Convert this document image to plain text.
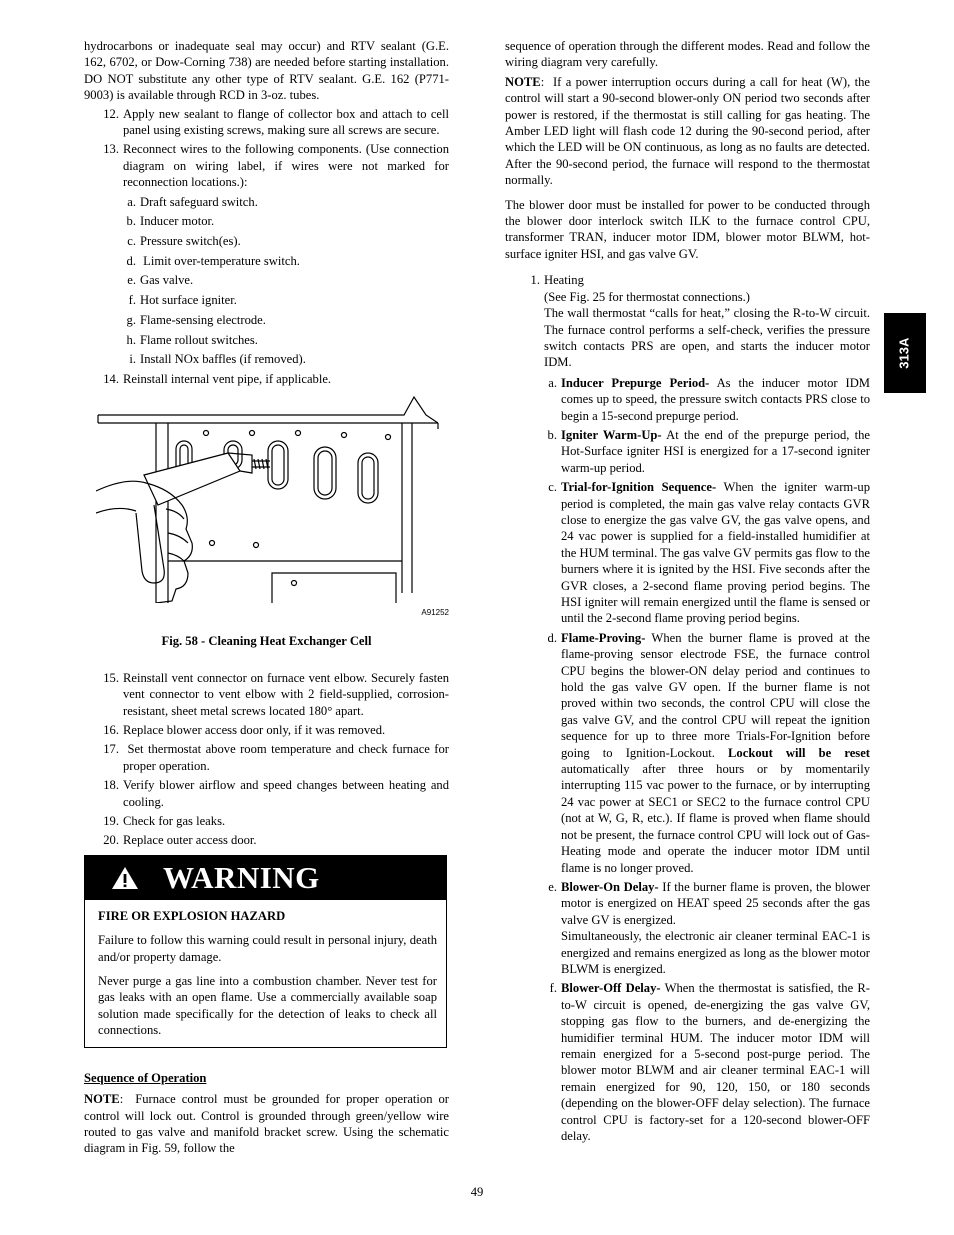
hydrocarbons or inadequate seal may occur) and RTV sealant (G.E. 162, 6702, or Dow-Corning 738) are needed before starting installation. DO NOT substitute any other type of RTV sealant. G.E. 162 (P771-9003) is available through RCD in 3-oz. tubes.

12. Apply new sealant to flange of collector box and attach to cell panel using existing screws, making sure all screws are secure.
13. Reconnect wires to the following components. (Use connection diagram on wiring label, if wires were not marked for reconnection locations.):
a. Draft safeguard switch.
b. Inducer motor.
c. Pressure switch(es).
d. Limit over-temperature switch.
e. Gas valve.
f. Hot surface igniter.
g. Flame-sensing electrode.
h. Flame rollout switches.
i. Install NOx baffles (if removed).
14. Reinstall internal vent pipe, if applicable.
A91252
Fig. 58 - Cleaning Heat Exchanger Cell
15. Reinstall vent connector on furnace vent elbow. Securely fasten vent connector to vent elbow with 2 field-supplied, corrosion-resistant, sheet metal screws located 180° apart.
16. Replace blower access door only, if it was removed.
17. Set thermostat above room temperature and check furnace for proper operation.
18. Verify blower airflow and speed changes between heating and cooling.
19. Check for gas leaks.
20. Replace outer access door.
WARNING

FIRE OR EXPLOSION HAZARD

Failure to follow this warning could result in personal injury, death and/or property damage.

Never purge a gas line into a combustion chamber. Never test for gas leaks with an open flame. Use a commercially available soap solution made specifically for the detection of leaks to check all connections.

Sequence of Operation

NOTE:  Furnace control must be grounded for proper operation or control will lock out. Control is grounded through green/yellow wire routed to gas valve and manifold bracket screw. Using the schematic diagram in Fig. 59, follow the

sequence of operation through the different modes. Read and follow the wiring diagram very carefully.

NOTE:  If a power interruption occurs during a call for heat (W), the control will start a 90-second blower-only ON period two seconds after power is restored, if the thermostat is still calling for gas heating. The Amber LED light will flash code 12 during the 90-second period, after which the LED will be ON continuous, as long as no faults are detected. After the 90-second period, the furnace will respond to the thermostat normally.

The blower door must be installed for power to be conducted through the blower door interlock switch ILK to the furnace control CPU, transformer TRAN, inducer motor IDM, blower motor BLWM, hot-surface igniter HSI, and gas valve GV.

1. Heating
(See Fig. 25 for thermostat connections.)
The wall thermostat “calls for heat,” closing the R-to-W circuit. The furnace control performs a self-check, verifies the pressure switch contacts PRS are open, and starts the inducer motor IDM.
a. Inducer Prepurge Period- As the inducer motor IDM comes up to speed, the pressure switch contacts PRS close to begin a 15-second prepurge period.
b. Igniter Warm-Up- At the end of the prepurge period, the Hot-Surface igniter HSI is energized for a 17-second igniter warm-up period.
c. Trial-for-Ignition Sequence- When the igniter warm-up period is completed, the main gas valve relay contacts GVR close to energize the gas valve GV, the gas valve opens, and 24 vac power is supplied for a field-installed humidifier at the HUM terminal. The gas valve GV permits gas flow to the burners where it is ignited by the HSI. Five seconds after the GVR closes, a 2-second flame proving period begins. The HSI igniter will remain energized until the flame is sensed or until the 2-second flame proving period begins.
d. Flame-Proving- When the burner flame is proved at the flame-proving sensor electrode FSE, the furnace control CPU begins the blower-ON delay period and continues to hold the gas valve GV open. If the burner flame is not proved within two seconds, the control CPU will close the gas valve GV, and the control CPU will repeat the ignition sequence for up to three more Trials-For-Ignition before going to Ignition-Lockout. Lockout will be reset automatically after three hours or by momentarily interrupting 115 vac power to the furnace, or by interrupting 24 vac power at SEC1 or SEC2 to the furnace control CPU (not at W, G, R, etc.). If flame is proved when flame should not be present, the furnace control CPU will lock out of Gas-Heating mode and operate the inducer motor IDM until flame is no longer proved.
e. Blower-On Delay- If the burner flame is proven, the blower motor is energized on HEAT speed 25 seconds after the gas valve GV is energized.
Simultaneously, the electronic air cleaner terminal EAC-1 is energized and remains energized as long as the blower motor BLWM is energized.
f. Blower-Off Delay- When the thermostat is satisfied, the R-to-W circuit is opened, de-energizing the gas valve GV, stopping gas flow to the burners, and de-energizing the humidifier terminal HUM. The inducer motor IDM will remain energized for a 5-second post-purge period. The blower motor BLWM and air cleaner terminal EAC-1 will remain energized for 90, 120, 150, or 180 seconds (depending on the blower-OFF delay selection). The furnace control CPU is factory-set for a 120-second blower-OFF delay.
313A
49
